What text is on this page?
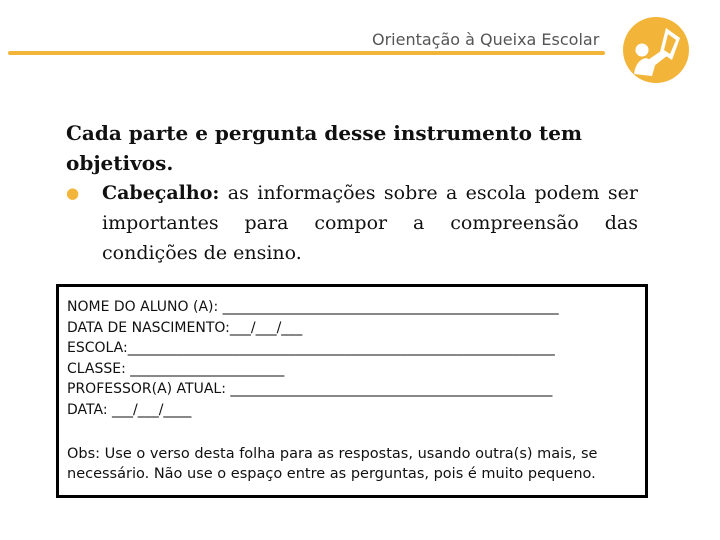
Orientação à Queixa Escolar

Cada parte e pergunta desse instrumento tem objetivos.

●	Cabeçalho: as informações sobre a escola podem ser importantes para compor a compreensão das condições de ensino.
NOME DO ALUNO (A): ________________________________________________
DATA DE NASCIMENTO:___/___/___
ESCOLA:_____________________________________________________________
CLASSE: ______________________
PROFESSOR(A) ATUAL: ______________________________________________
DATA: ___/___/____
Obs: Use o verso desta folha para as respostas, usando outra(s) mais, se necessário. Não use o espaço entre as perguntas, pois é muito pequeno.
